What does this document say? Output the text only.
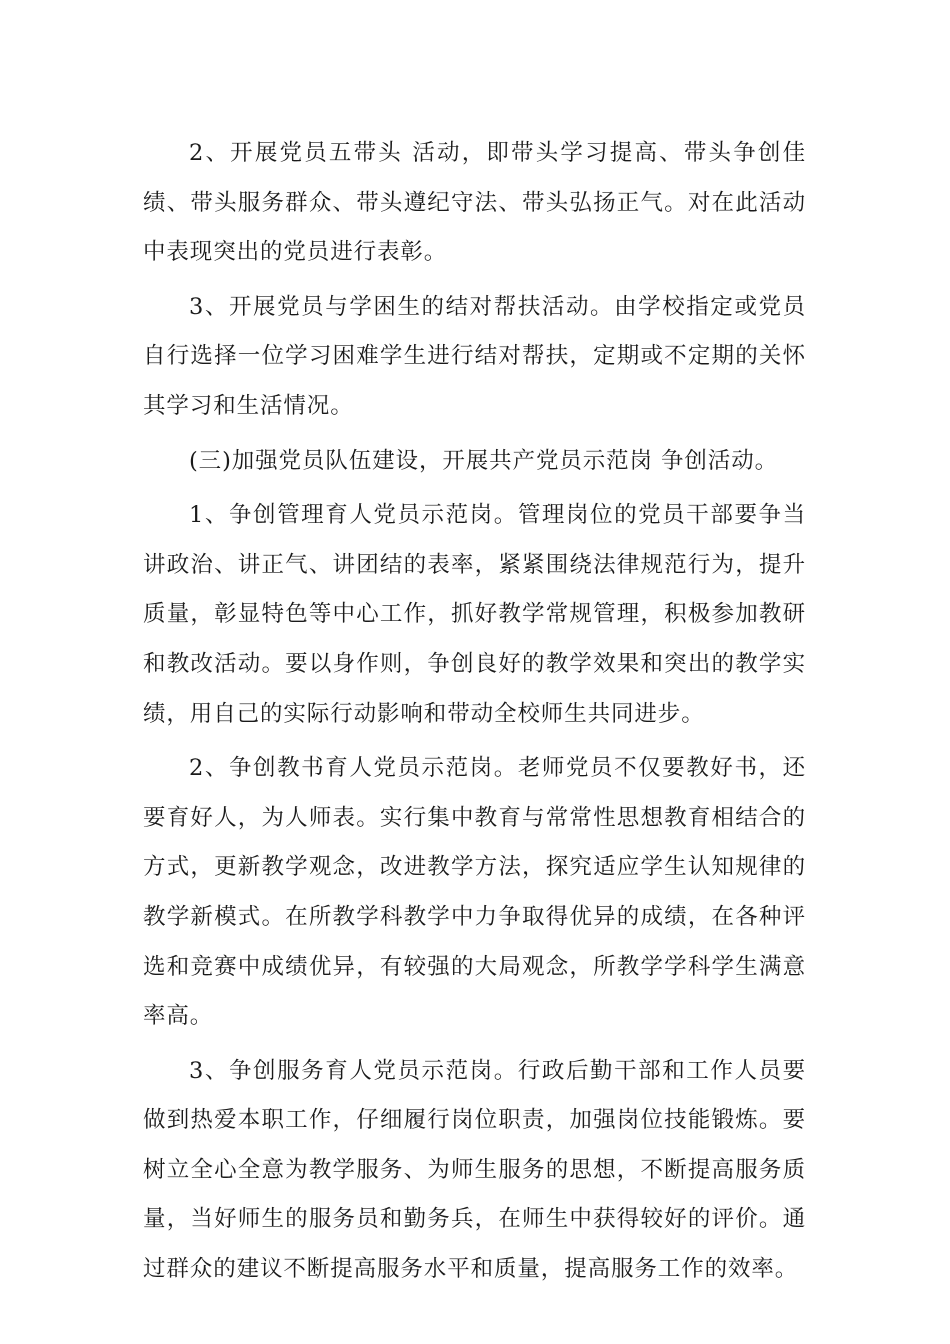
2、开展党员五带头 活动，即带头学习提高、带头争创佳绩、带头服务群众、带头遵纪守法、带头弘扬正气。对在此活动中表现突出的党员进行表彰。

3、开展党员与学困生的结对帮扶活动。由学校指定或党员自行选择一位学习困难学生进行结对帮扶，定期或不定期的关怀其学习和生活情况。

(三)加强党员队伍建设，开展共产党员示范岗 争创活动。

1、争创管理育人党员示范岗。管理岗位的党员干部要争当讲政治、讲正气、讲团结的表率，紧紧围绕法律规范行为，提升质量，彰显特色等中心工作，抓好教学常规管理，积极参加教研和教改活动。要以身作则，争创良好的教学效果和突出的教学实绩，用自己的实际行动影响和带动全校师生共同进步。

2、争创教书育人党员示范岗。老师党员不仅要教好书，还要育好人，为人师表。实行集中教育与常常性思想教育相结合的方式，更新教学观念，改进教学方法，探究适应学生认知规律的教学新模式。在所教学科教学中力争取得优异的成绩，在各种评选和竞赛中成绩优异，有较强的大局观念，所教学学科学生满意率高。

3、争创服务育人党员示范岗。行政后勤干部和工作人员要做到热爱本职工作，仔细履行岗位职责，加强岗位技能锻炼。要树立全心全意为教学服务、为师生服务的思想，不断提高服务质量，当好师生的服务员和勤务兵，在师生中获得较好的评价。通过群众的建议不断提高服务水平和质量，提高服务工作的效率。
